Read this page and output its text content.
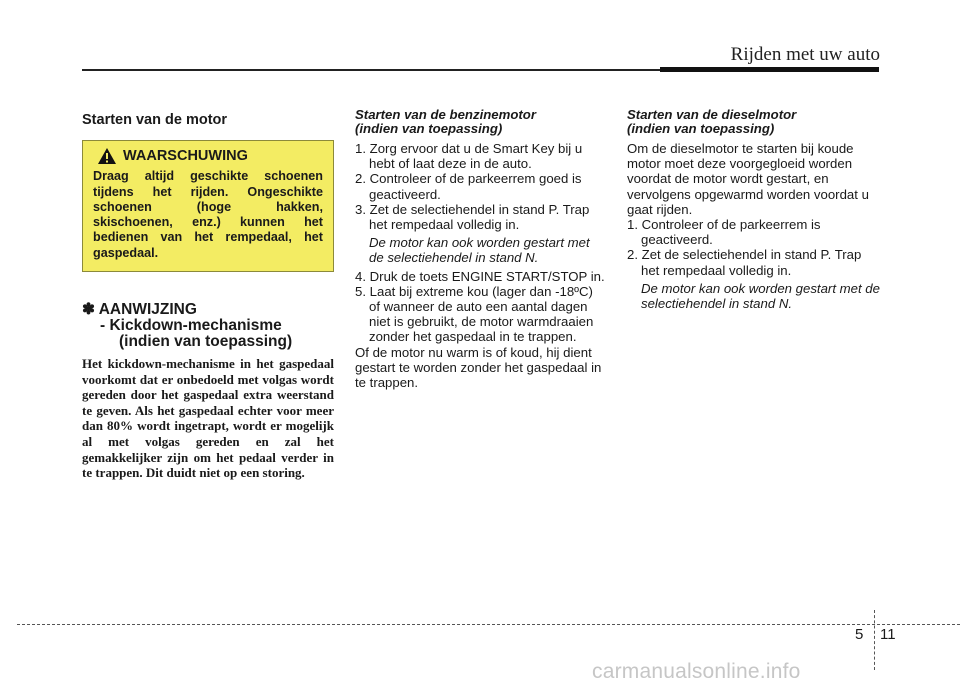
Rijden met uw auto
Starten van de motor
WAARSCHUWING
Draag altijd geschikte schoenen tijdens het rijden. Ongeschikte schoenen (hoge hakken, skischoenen, enz.) kunnen het bedienen van het rempedaal, het gaspedaal.
✽ AANWIJZING
- Kickdown-mechanisme
(indien van toepassing)
Het kickdown-mechanisme in het gaspedaal voorkomt dat er onbedoeld met volgas wordt gereden door het gaspedaal extra weerstand te geven. Als het gaspedaal echter voor meer dan 80% wordt ingetrapt, wordt er mogelijk al met volgas gereden en zal het gemakkelijker zijn om het pedaal verder in te trappen. Dit duidt niet op een storing.
Starten van de benzinemotor
(indien van toepassing)

1. Zorg ervoor dat u de Smart Key bij u hebt of laat deze in de auto.

2. Controleer of de parkeerrem goed is geactiveerd.

3. Zet de selectiehendel in stand P. Trap het rempedaal volledig in.

De motor kan ook worden gestart met de selectiehendel in stand N.

4. Druk de toets ENGINE START/STOP in.

5. Laat bij extreme kou (lager dan -18ºC) of wanneer de auto een aantal dagen niet is gebruikt, de motor warmdraaien zonder het gaspedaal in te trappen.

Of de motor nu warm is of koud, hij dient gestart te worden zonder het gaspedaal in te trappen.

Starten van de dieselmotor
(indien van toepassing)

Om de dieselmotor te starten bij koude motor moet deze voorgegloeid worden voordat de motor wordt gestart, en vervolgens opgewarmd worden voordat u gaat rijden.

1. Controleer of de parkeerrem is geactiveerd.

2. Zet de selectiehendel in stand P. Trap het rempedaal volledig in.

De motor kan ook worden gestart met de selectiehendel in stand N.

5 11
carmanualsonline.info
